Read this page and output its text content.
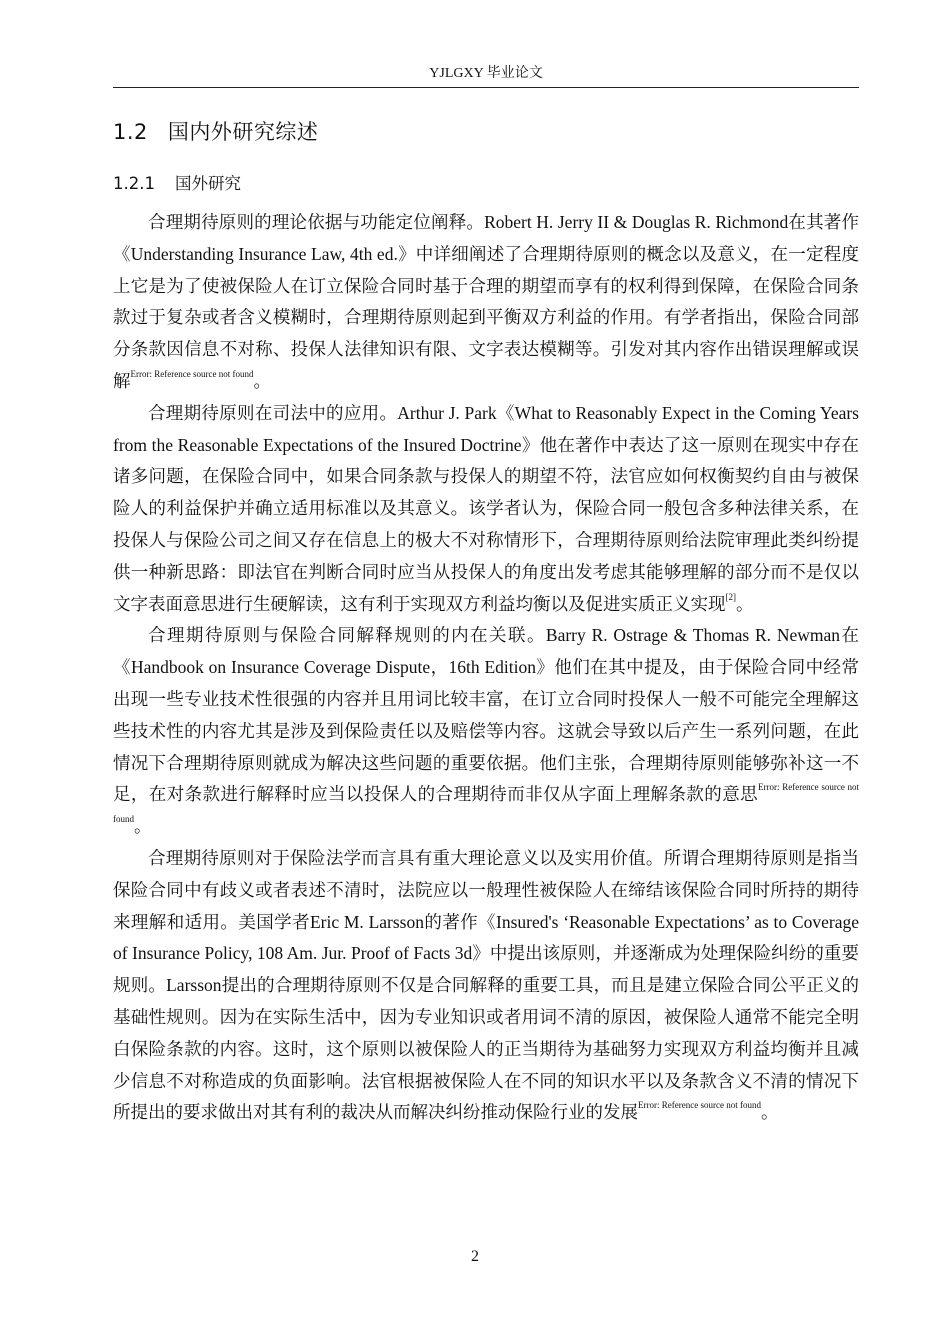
YJLGXY 毕业论文
1.2 国内外研究综述
1.2.1 国外研究

合理期待原则的理论依据与功能定位阐释。Robert H. Jerry II & Douglas R. Richmond在其著作《Understanding Insurance Law, 4th ed.》中详细阐述了合理期待原则的概念以及意义，在一定程度上它是为了使被保险人在订立保险合同时基于合理的期望而享有的权利得到保障，在保险合同条款过于复杂或者含义模糊时，合理期待原则起到平衡双方利益的作用。有学者指出，保险合同部分条款因信息不对称、投保人法律知识有限、文字表达模糊等。引发对其内容作出错误理解或误解$^{Error: Reference source not found}$。

合理期待原则在司法中的应用。Arthur J. Park《What to Reasonably Expect in the Coming Years from the Reasonable Expectations of the Insured Doctrine》他在著作中表达了这一原则在现实中存在诸多问题，在保险合同中，如果合同条款与投保人的期望不符，法官应如何权衡契约自由与被保险人的利益保护并确立适用标准以及其意义。该学者认为，保险合同一般包含多种法律关系，在投保人与保险公司之间又存在信息上的极大不对称情形下，合理期待原则给法院审理此类纠纷提供一种新思路：即法官在判断合同时应当从投保人的角度出发考虑其能够理解的部分而不是仅以文字表面意思进行生硬解读，这有利于实现双方利益均衡以及促进实质正义实现[2]。

合理期待原则与保险合同解释规则的内在关联。Barry R. Ostrage & Thomas R. Newman在《Handbook on Insurance Coverage Dispute，16th Edition》他们在其中提及，由于保险合同中经常出现一些专业技术性很强的内容并且用词比较丰富，在订立合同时投保人一般不可能完全理解这些技术性的内容尤其是涉及到保险责任以及赔偿等内容。这就会导致以后产生一系列问题，在此情况下合理期待原则就成为解决这些问题的重要依据。他们主张，合理期待原则能够弥补这一不足，在对条款进行解释时应当以投保人的合理期待而非仅从字面上理解条款的意思$^{Error: Reference source not found}$。

合理期待原则对于保险法学而言具有重大理论意义以及实用价值。所谓合理期待原则是指当保险合同中有歧义或者表述不清时，法院应以一般理性被保险人在缔结该保险合同时所持的期待来理解和适用。美国学者Eric M. Larsson的著作《Insured's ‘Reasonable Expectations’ as to Coverage of Insurance Policy, 108 Am. Jur. Proof of Facts 3d》中提出该原则，并逐渐成为处理保险纠纷的重要规则。Larsson提出的合理期待原则不仅是合同解释的重要工具，而且是建立保险合同公平正义的基础性规则。因为在实际生活中，因为专业知识或者用词不清的原因，被保险人通常不能完全明白保险条款的内容。这时，这个原则以被保险人的正当期待为基础努力实现双方利益均衡并且减少信息不对称造成的负面影响。法官根据被保险人在不同的知识水平以及条款含义不清的情况下所提出的要求做出对其有利的裁决从而解决纠纷推动保险行业的发展$^{Error: Reference source not found}$。

2
